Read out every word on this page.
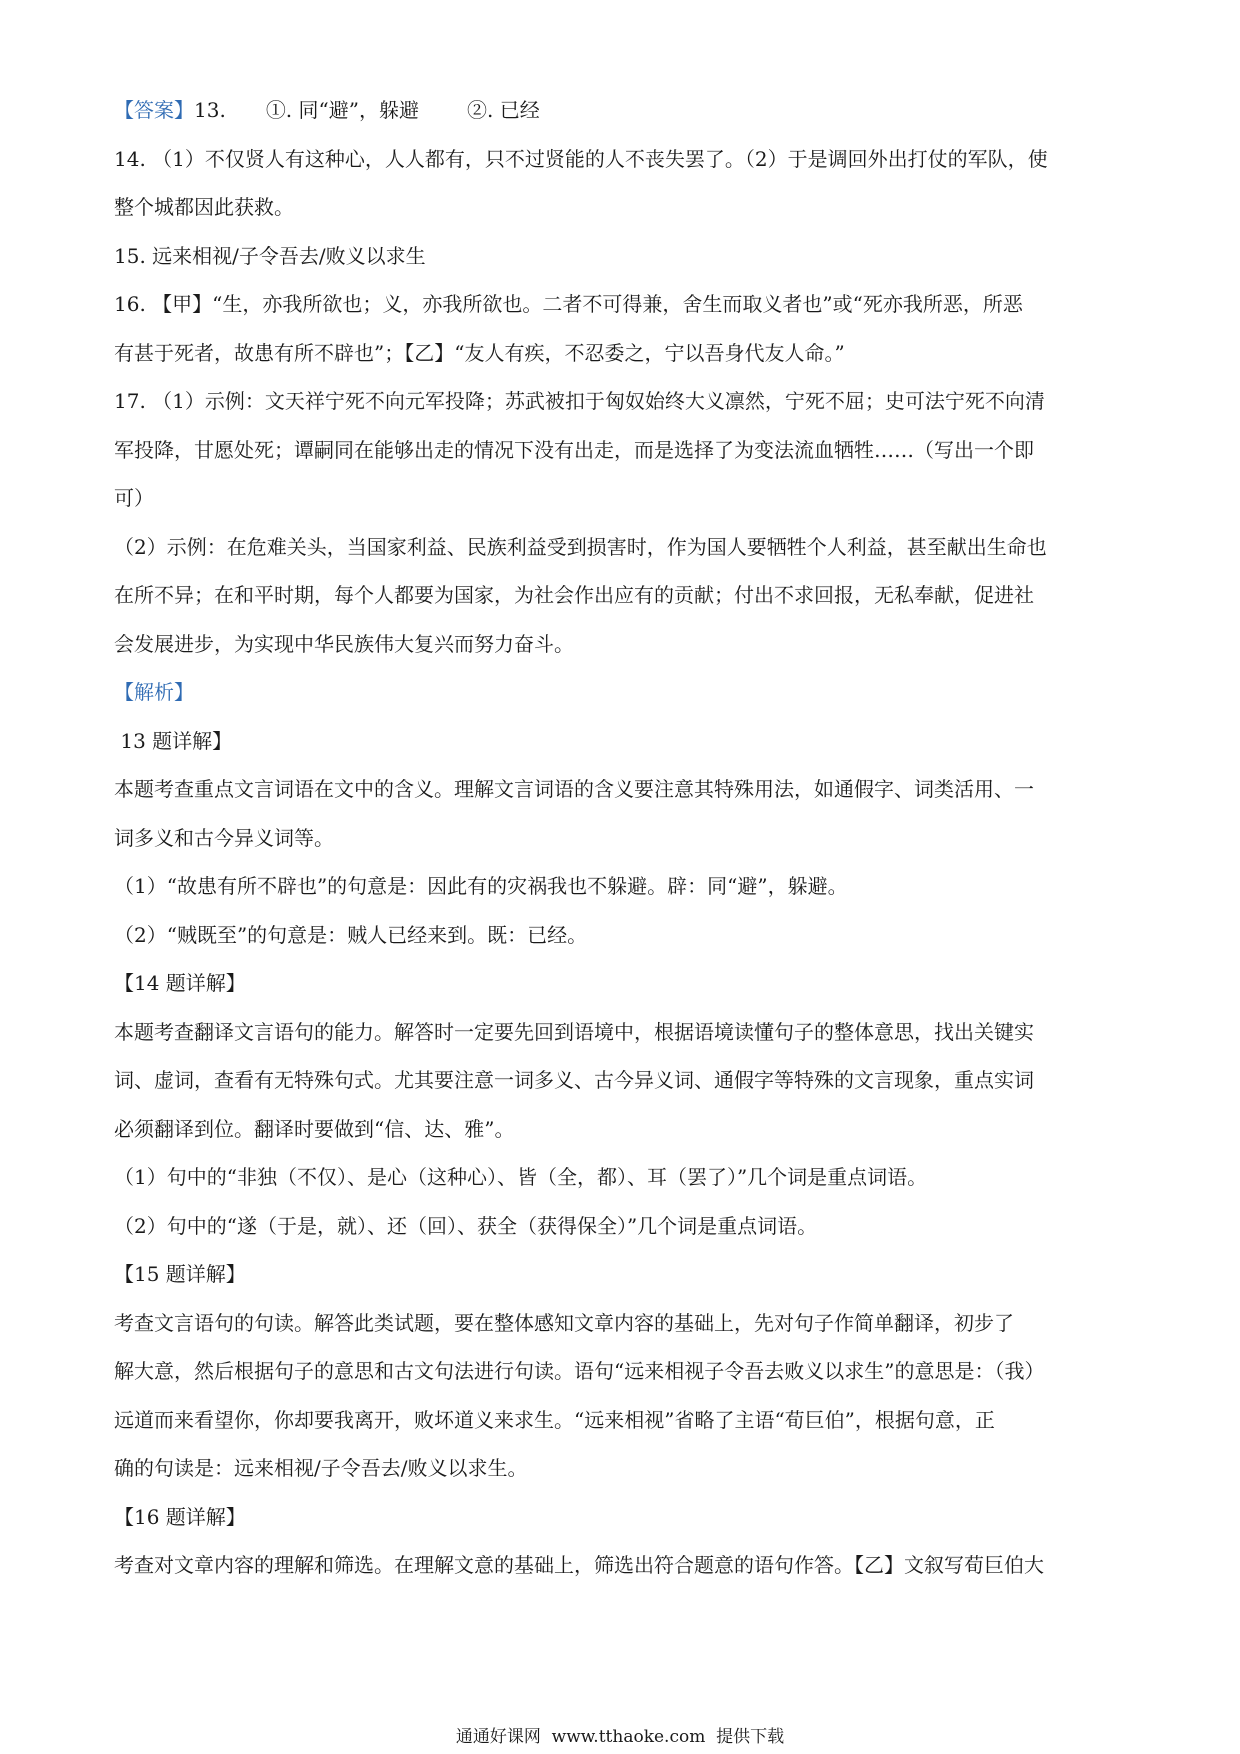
【答案】13. ①. 同“避”，躲避 ②. 已经
14. （1）不仅贤人有这种心，人人都有，只不过贤能的人不丧失罢了。（2）于是调回外出打仗的军队，使
整个城都因此获救。
15. 远来相视/子令吾去/败义以求生
16. 【甲】“生，亦我所欲也；义，亦我所欲也。二者不可得兼，舍生而取义者也”或“死亦我所恶，所恶
有甚于死者，故患有所不辟也”；【乙】“友人有疾，不忍委之，宁以吾身代友人命。”
17. （1）示例：文天祥宁死不向元军投降；苏武被扣于匈奴始终大义凛然，宁死不屈；史可法宁死不向清
军投降，甘愿处死；谭嗣同在能够出走的情况下没有出走，而是选择了为变法流血牺牲……（写出一个即
可）
（2）示例：在危难关头，当国家利益、民族利益受到损害时，作为国人要牺牲个人利益，甚至献出生命也
在所不异；在和平时期，每个人都要为国家，为社会作出应有的贡献；付出不求回报，无私奉献，促进社
会发展进步，为实现中华民族伟大复兴而努力奋斗。
【解析】
13 题详解】
本题考查重点文言词语在文中的含义。理解文言词语的含义要注意其特殊用法，如通假字、词类活用、一
词多义和古今异义词等。
（1）“故患有所不辟也”的句意是：因此有的灾祸我也不躲避。辟：同“避”，躲避。
（2）“贼既至”的句意是：贼人已经来到。既：已经。
【14 题详解】
本题考查翻译文言语句的能力。解答时一定要先回到语境中，根据语境读懂句子的整体意思，找出关键实
词、虚词，查看有无特殊句式。尤其要注意一词多义、古今异义词、通假字等特殊的文言现象，重点实词
必须翻译到位。翻译时要做到“信、达、雅”。
（1）句中的“非独（不仅）、是心（这种心）、皆（全，都）、耳（罢了）”几个词是重点词语。
（2）句中的“遂（于是，就）、还（回）、获全（获得保全）”几个词是重点词语。
【15 题详解】
考查文言语句的句读。解答此类试题，要在整体感知文章内容的基础上，先对句子作简单翻译，初步了
解大意，然后根据句子的意思和古文句法进行句读。语句“远来相视子令吾去败义以求生”的意思是：（我）
远道而来看望你，你却要我离开，败坏道义来求生。“远来相视”省略了主语“荀巨伯”，根据句意，正
确的句读是：远来相视/子令吾去/败义以求生。
【16 题详解】
考查对文章内容的理解和筛选。在理解文意的基础上，筛选出符合题意的语句作答。【乙】文叙写荀巨伯大
通通好课网  www.tthaoke.com  提供下载
